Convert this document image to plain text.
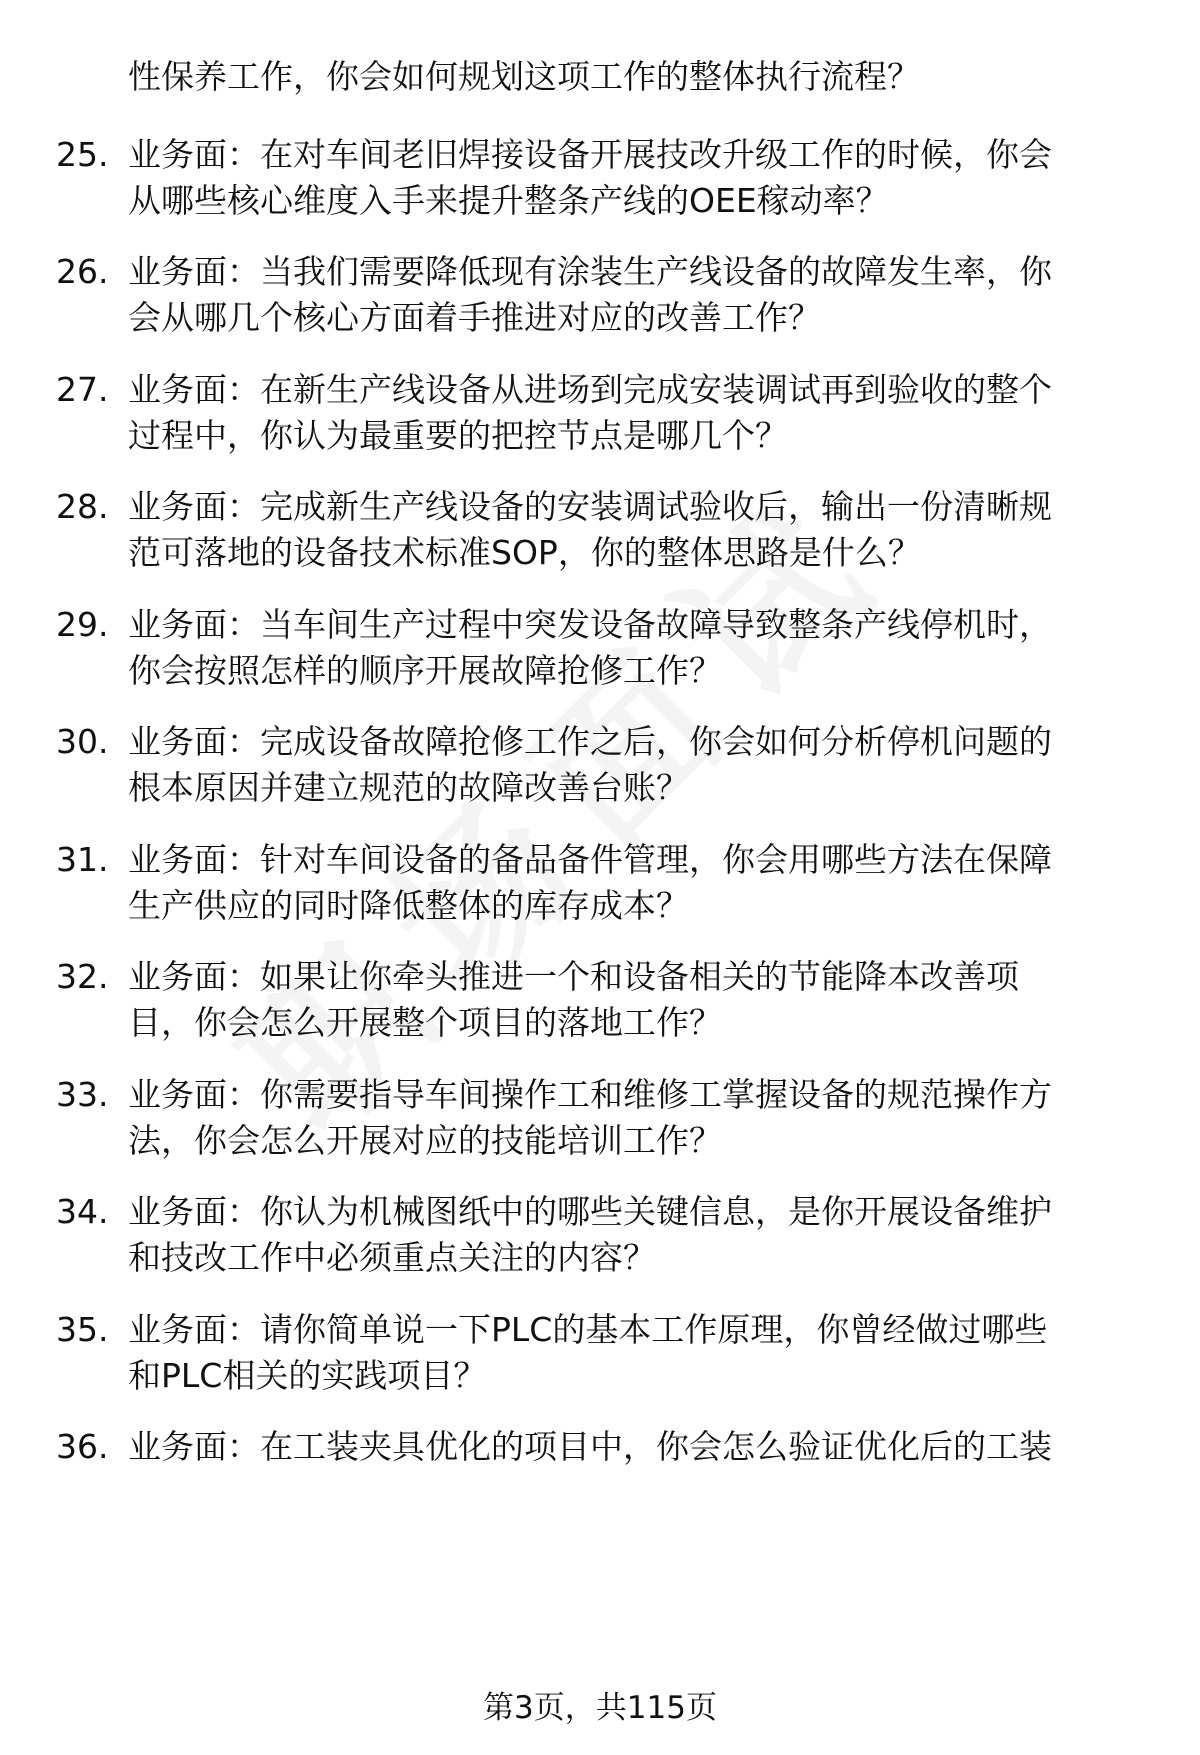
性保养工作，你会如何规划这项工作的整体执行流程？
25. 业务面：在对车间老旧焊接设备开展技改升级工作的时候，你会
从哪些核心维度入手来提升整条产线的OEE稼动率？
26. 业务面：当我们需要降低现有涂装生产线设备的故障发生率，你
会从哪几个核心方面着手推进对应的改善工作？
27. 业务面：在新生产线设备从进场到完成安装调试再到验收的整个
过程中，你认为最重要的把控节点是哪几个？
28. 业务面：完成新生产线设备的安装调试验收后，输出一份清晰规
范可落地的设备技术标准SOP，你的整体思路是什么？
29. 业务面：当车间生产过程中突发设备故障导致整条产线停机时，
你会按照怎样的顺序开展故障抢修工作？
30. 业务面：完成设备故障抢修工作之后，你会如何分析停机问题的
根本原因并建立规范的故障改善台账？
31. 业务面：针对车间设备的备品备件管理，你会用哪些方法在保障
生产供应的同时降低整体的库存成本？
32. 业务面：如果让你牵头推进一个和设备相关的节能降本改善项
目，你会怎么开展整个项目的落地工作？
33. 业务面：你需要指导车间操作工和维修工掌握设备的规范操作方
法，你会怎么开展对应的技能培训工作？
34. 业务面：你认为机械图纸中的哪些关键信息，是你开展设备维护
和技改工作中必须重点关注的内容？
35. 业务面：请你简单说一下PLC的基本工作原理，你曾经做过哪些
和PLC相关的实践项目？
36. 业务面：在工装夹具优化的项目中，你会怎么验证优化后的工装
第3页，共115页
